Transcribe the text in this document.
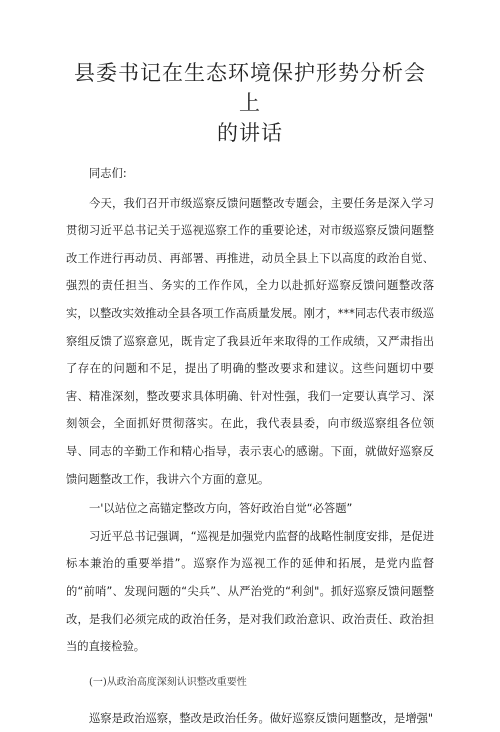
县委书记在生态环境保护形势分析会上
的讲话

同志们:

今天，我们召开市级巡察反馈问题整改专题会，主要任务是深入学习贯彻习近平总书记关于巡视巡察工作的重要论述，对市级巡察反馈问题整改工作进行再动员、再部署、再推进，动员全县上下以高度的政治自觉、强烈的责任担当、务实的工作作风，全力以赴抓好巡察反馈问题整改落实，以整改实效推动全县各项工作高质量发展。刚才，***同志代表市级巡察组反馈了巡察意见，既肯定了我县近年来取得的工作成绩，又严肃指出了存在的问题和不足，提出了明确的整改要求和建议。这些问题切中要害、精准深刻，整改要求具体明确、针对性强，我们一定要认真学习、深刻领会，全面抓好贯彻落实。在此，我代表县委，向市级巡察组各位领导、同志的辛勤工作和精心指导，表示衷心的感谢。下面，就做好巡察反馈问题整改工作，我讲六个方面的意见。

一'以站位之高锚定整改方向，答好政治自觉“必答题”

习近平总书记强调，“巡视是加强党内监督的战略性制度安排，是促进标本兼治的重要举措”。巡察作为巡视工作的延伸和拓展，是党内监督的“前哨”、发现问题的“尖兵”、从严治党的“利剑"。抓好巡察反馈问题整改，是我们必须完成的政治任务，是对我们政治意识、政治责任、政治担当的直接检验。

(一)从政治高度深刻认识整改重要性

巡察是政治巡察，整改是政治任务。做好巡察反馈问题整改，是增强"
